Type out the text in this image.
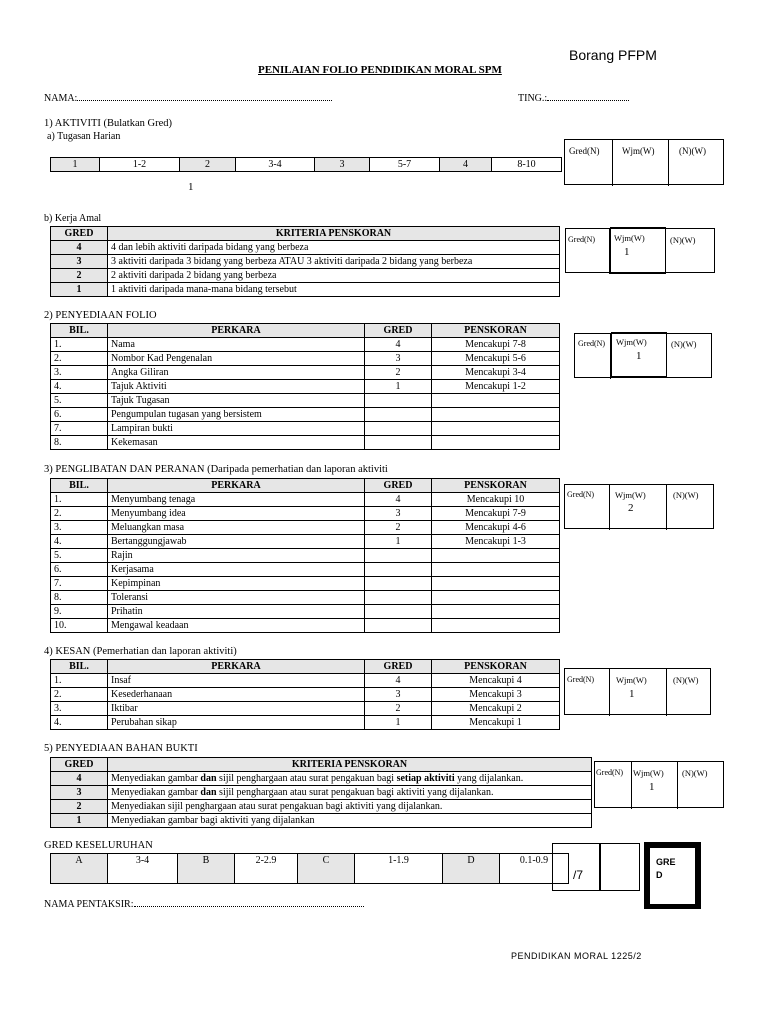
Borang PFPM
PENILAIAN FOLIO PENDIDIKAN MORAL SPM
NAMA:	TING.:
1) AKTIVITI (Bulatkan Gred)
a) Tugasan Harian
1	1-2	2	3-4	3	5-7	4	8-10
1
Gred(N)	Wjm(W)	(N)(W)
b) Kerja Amal
GRED	KRITERIA PENSKORAN
4	4 dan lebih aktiviti daripada bidang yang berbeza
3	3 aktiviti daripada 3 bidang yang berbeza ATAU 3 aktiviti daripada 2 bidang yang berbeza
2	2 aktiviti daripada 2 bidang yang berbeza
1	1 aktiviti daripada mana-mana bidang tersebut
Gred(N) Wjm(W)
1
(N)(W)
2) PENYEDIAAN FOLIO
BIL.	PERKARA	GRED	PENSKORAN
1.	Nama	4	Mencakupi 7-8
2.	Nombor Kad Pengenalan	3	Mencakupi 5-6
3.	Angka Giliran	2	Mencakupi 3-4
4.	Tajuk Aktiviti	1	Mencakupi 1-2
5.	Tajuk Tugasan		
6.	Pengumpulan tugasan yang bersistem		
7.	Lampiran bukti		
8.	Kekemasan		
Gred(N) Wjm(W)
1
(N)(W)
3) PENGLIBATAN DAN PERANAN (Daripada pemerhatian dan laporan aktiviti
BIL.	PERKARA	GRED	PENSKORAN
1.	Menyumbang tenaga	4	Mencakupi 10
2.	Menyumbang idea	3	Mencakupi 7-9
3.	Meluangkan masa	2	Mencakupi 4-6
4.	Bertanggungjawab	1	Mencakupi 1-3
5.	Rajin		
6.	Kerjasama		
7.	Kepimpinan		
8.	Toleransi		
9.	Prihatin		
10.	Mengawal keadaan		
Gred(N) Wjm(W)
2
(N)(W)
4) KESAN (Pemerhatian dan laporan aktiviti)
BIL.	PERKARA	GRED	PENSKORAN
1.	Insaf	4	Mencakupi 4
2.	Kesederhanaan	3	Mencakupi 3
3.	Iktibar	2	Mencakupi 2
4.	Perubahan sikap	1	Mencakupi 1
Gred(N)	Wjm(W)
1
(N)(W)
5) PENYEDIAAN BAHAN BUKTI
GRED	KRITERIA PENSKORAN
4	Menyediakan gambar dan sijil penghargaan atau surat pengakuan bagi setiap aktiviti yang dijalankan.
3	Menyediakan gambar dan sijil penghargaan atau surat pengakuan bagi aktiviti yang dijalankan.
2	Menyediakan sijil penghargaan atau surat pengakuan bagi aktiviti yang dijalankan.
1	Menyediakan gambar bagi aktiviti yang dijalankan
Gred(N) Wjm(W)
1
(N)(W)
GRED KESELURUHAN
A	3-4	B	2-2.9	C	1-1.9	D	0.1-0.9
/7
GRE
D
NAMA PENTAKSIR:
PENDIDIKAN MORAL 1225/2
